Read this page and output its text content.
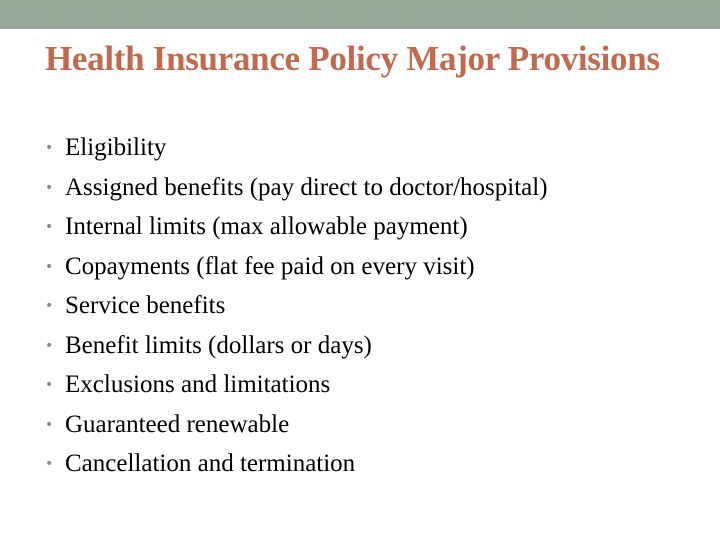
Health Insurance Policy Major Provisions
• Eligibility
• Assigned benefits (pay direct to doctor/hospital)
• Internal limits (max allowable payment)
• Copayments (flat fee paid on every visit)
• Service benefits
• Benefit limits (dollars or days)
• Exclusions and limitations
• Guaranteed renewable
• Cancellation and termination
